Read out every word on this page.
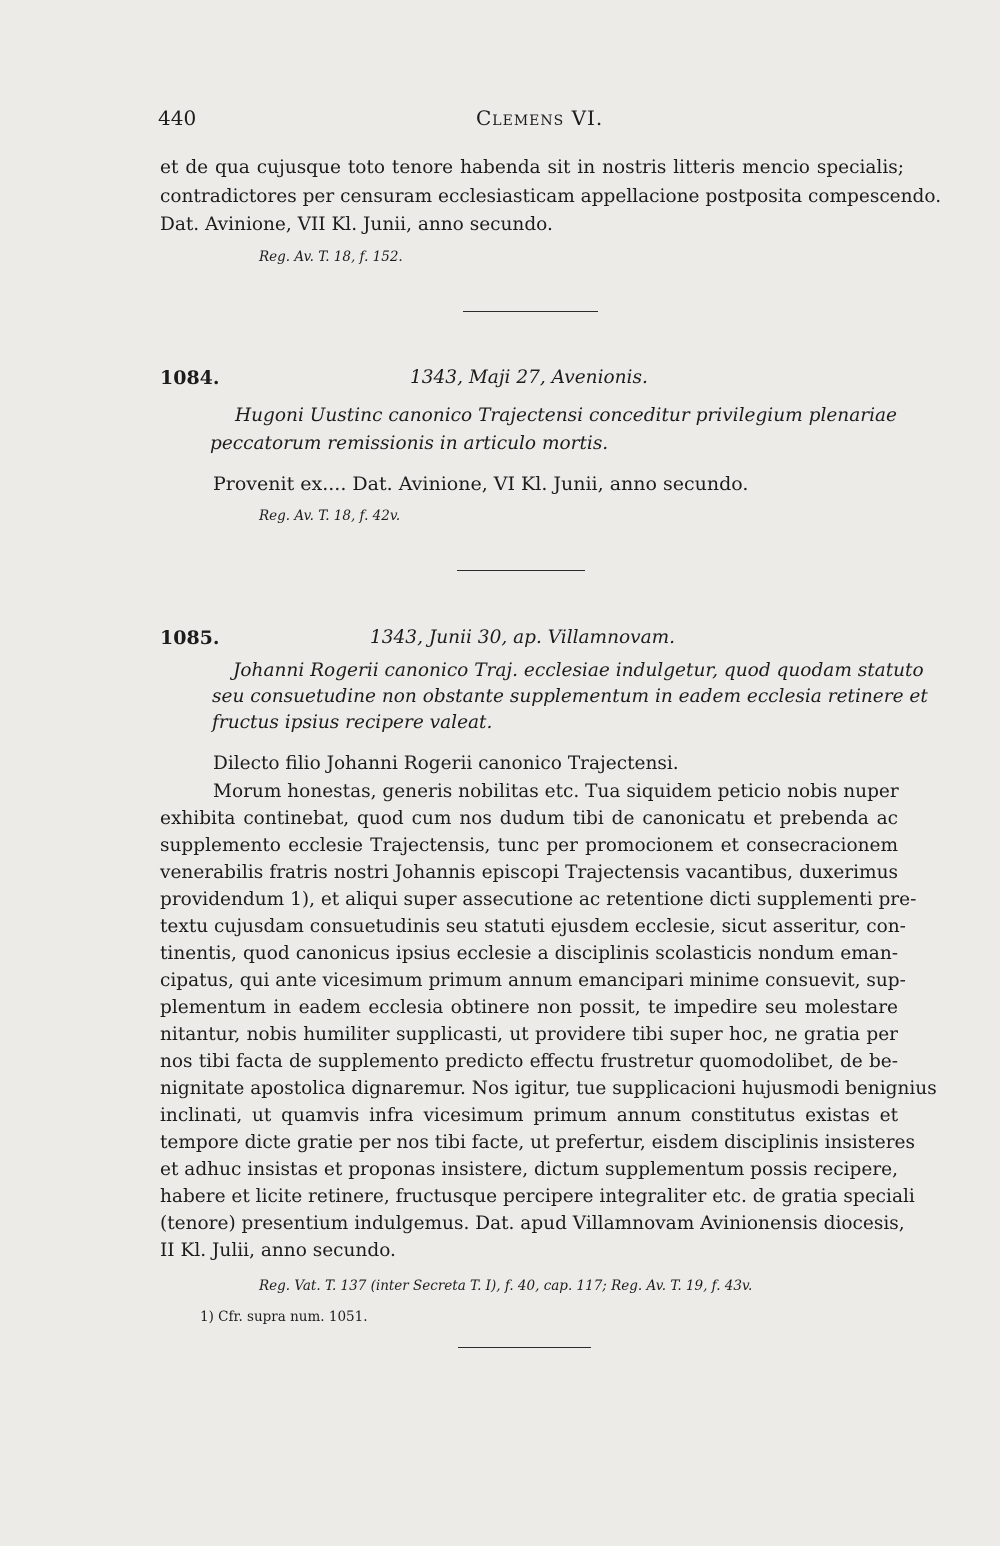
440	Clemens VI.
et de qua cujusque toto tenore habenda sit in nostris litteris mencio specialis;
contradictores per censuram ecclesiasticam appellacione postposita compescendo.
Dat. Avinione, VII Kl. Junii, anno secundo.
Reg. Av. T. 18, f. 152.
1084.	1343, Maji 27, Avenionis.
Hugoni Uustinc canonico Trajectensi conceditur privilegium plenariae
peccatorum remissionis in articulo mortis.
Provenit ex.... Dat. Avinione, VI Kl. Junii, anno secundo.
Reg. Av. T. 18, f. 42v.
1085.	1343, Junii 30, ap. Villamnovam.
Johanni Rogerii canonico Traj. ecclesiae indulgetur, quod quodam statuto
seu consuetudine non obstante supplementum in eadem ecclesia retinere et
fructus ipsius recipere valeat.
Dilecto filio Johanni Rogerii canonico Trajectensi.
Morum honestas, generis nobilitas etc. Tua siquidem peticio nobis nuper
exhibita continebat, quod cum nos dudum tibi de canonicatu et prebenda ac
supplemento ecclesie Trajectensis, tunc per promocionem et consecracionem
venerabilis fratris nostri Johannis episcopi Trajectensis vacantibus, duxerimus
providendum 1), et aliqui super assecutione ac retentione dicti supplementi pre-
textu cujusdam consuetudinis seu statuti ejusdem ecclesie, sicut asseritur, con-
tinentis, quod canonicus ipsius ecclesie a disciplinis scolasticis nondum eman-
cipatus, qui ante vicesimum primum annum emancipari minime consuevit, sup-
plementum in eadem ecclesia obtinere non possit, te impedire seu molestare
nitantur, nobis humiliter supplicasti, ut providere tibi super hoc, ne gratia per
nos tibi facta de supplemento predicto effectu frustretur quomodolibet, de be-
nignitate apostolica dignaremur. Nos igitur, tue supplicacioni hujusmodi benignius
inclinati, ut quamvis infra vicesimum primum annum constitutus existas et
tempore dicte gratie per nos tibi facte, ut prefertur, eisdem disciplinis insisteres
et adhuc insistas et proponas insistere, dictum supplementum possis recipere,
habere et licite retinere, fructusque percipere integraliter etc. de gratia speciali
(tenore) presentium indulgemus. Dat. apud Villamnovam Avinionensis diocesis,
II Kl. Julii, anno secundo.
Reg. Vat. T. 137 (inter Secreta T. I), f. 40, cap. 117; Reg. Av. T. 19, f. 43v.
1) Cfr. supra num. 1051.
